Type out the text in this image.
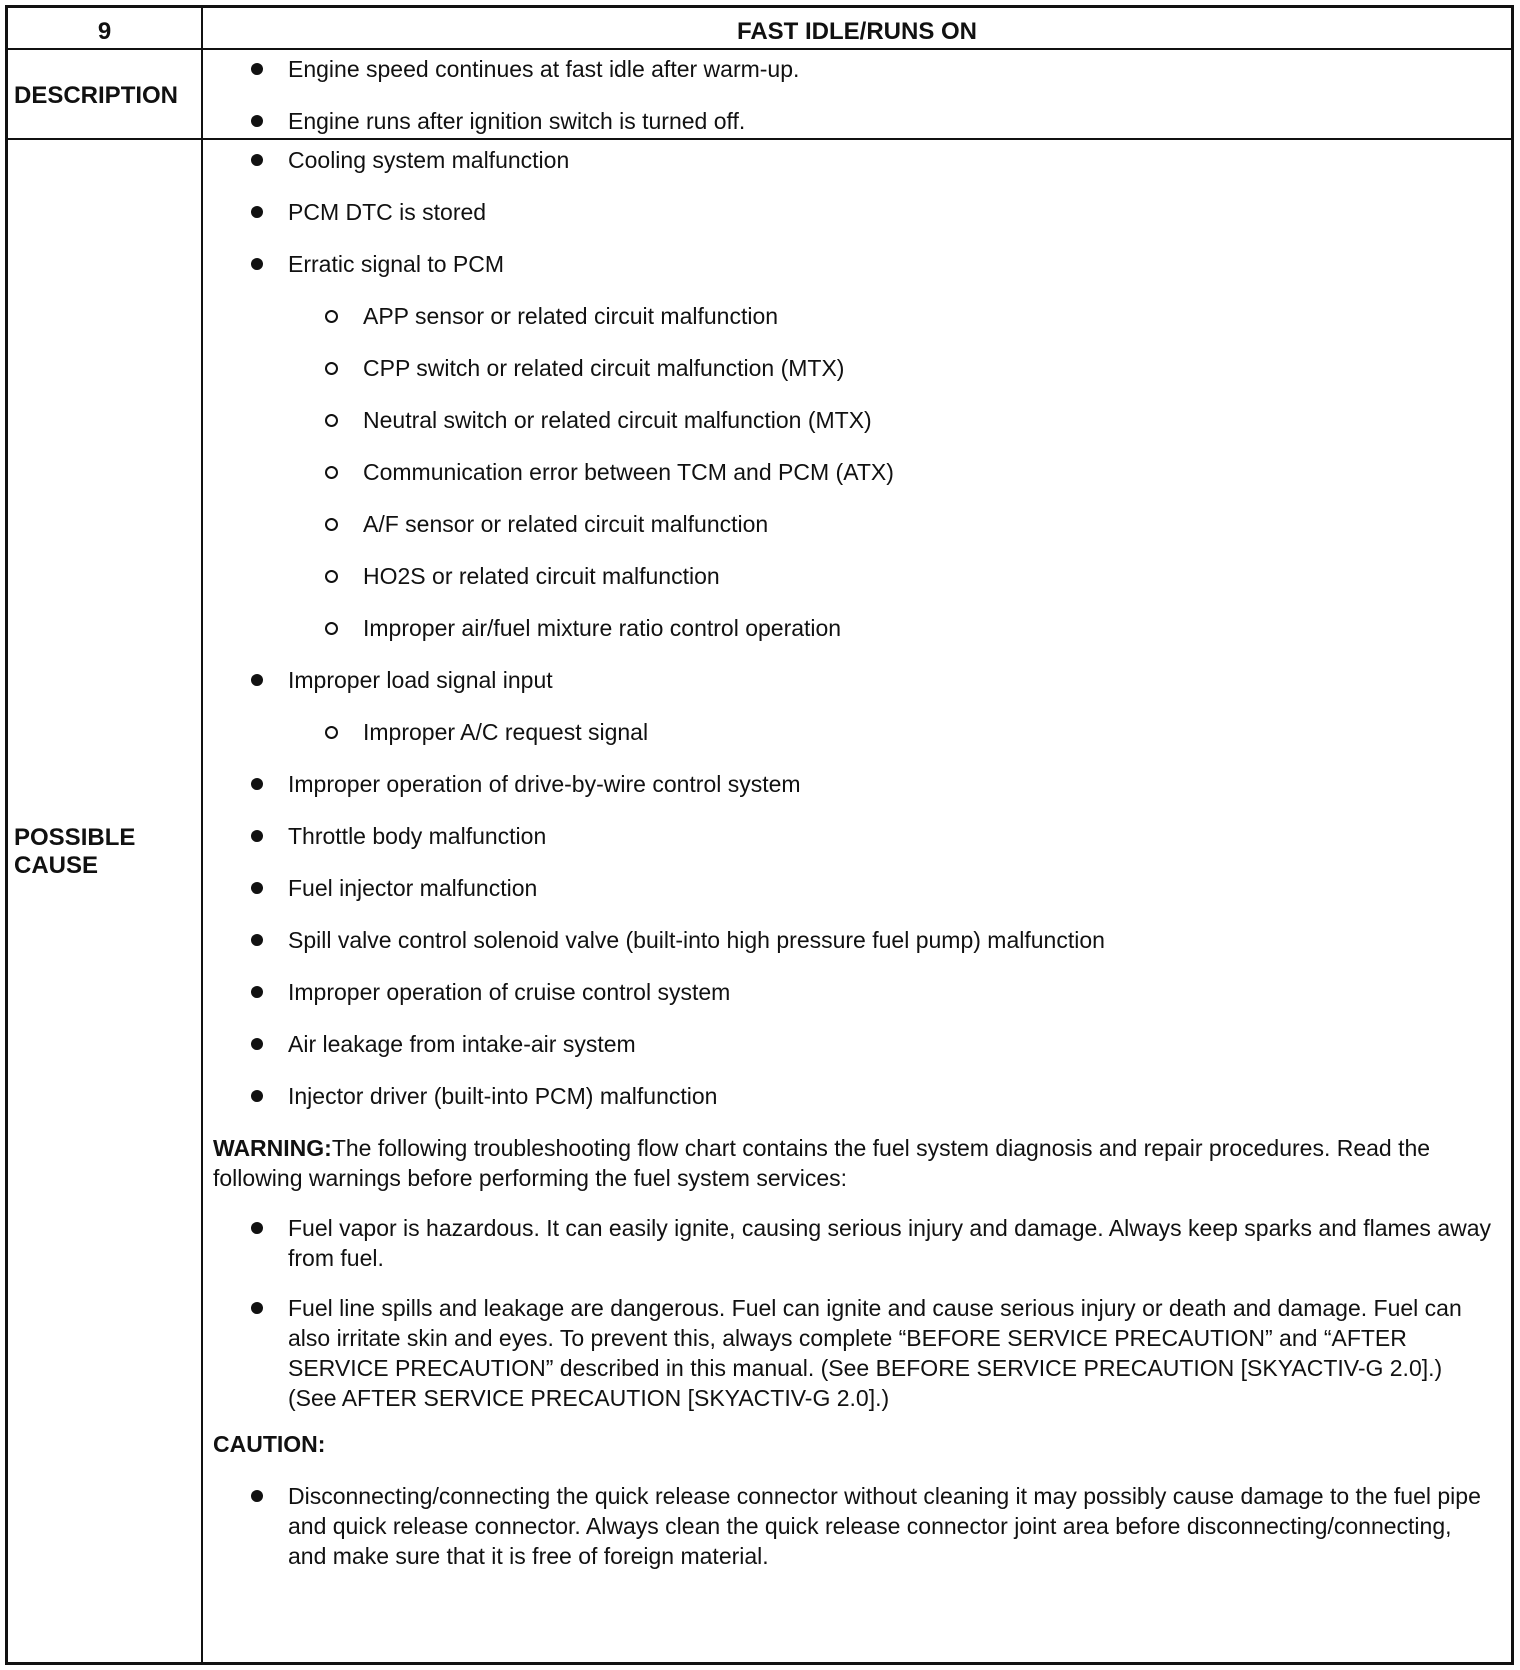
9	FAST IDLE/RUNS ON
DESCRIPTION
Engine speed continues at fast idle after warm-up.
Engine runs after ignition switch is turned off.
POSSIBLE
CAUSE
Cooling system malfunction
PCM DTC is stored
Erratic signal to PCM
APP sensor or related circuit malfunction
CPP switch or related circuit malfunction (MTX)
Neutral switch or related circuit malfunction (MTX)
Communication error between TCM and PCM (ATX)
A/F sensor or related circuit malfunction
HO2S or related circuit malfunction
Improper air/fuel mixture ratio control operation
Improper load signal input
Improper A/C request signal
Improper operation of drive-by-wire control system
Throttle body malfunction
Fuel injector malfunction
Spill valve control solenoid valve (built-into high pressure fuel pump) malfunction
Improper operation of cruise control system
Air leakage from intake-air system
Injector driver (built-into PCM) malfunction
WARNING:The following troubleshooting flow chart contains the fuel system diagnosis and repair procedures. Read the following warnings before performing the fuel system services:
Fuel vapor is hazardous. It can easily ignite, causing serious injury and damage. Always keep sparks and flames away from fuel.
Fuel line spills and leakage are dangerous. Fuel can ignite and cause serious injury or death and damage. Fuel can also irritate skin and eyes. To prevent this, always complete “BEFORE SERVICE PRECAUTION” and “AFTER SERVICE PRECAUTION” described in this manual. (See BEFORE SERVICE PRECAUTION [SKYACTIV-G 2.0].) (See AFTER SERVICE PRECAUTION [SKYACTIV-G 2.0].)
CAUTION:
Disconnecting/connecting the quick release connector without cleaning it may possibly cause damage to the fuel pipe and quick release connector. Always clean the quick release connector joint area before disconnecting/connecting, and make sure that it is free of foreign material.
